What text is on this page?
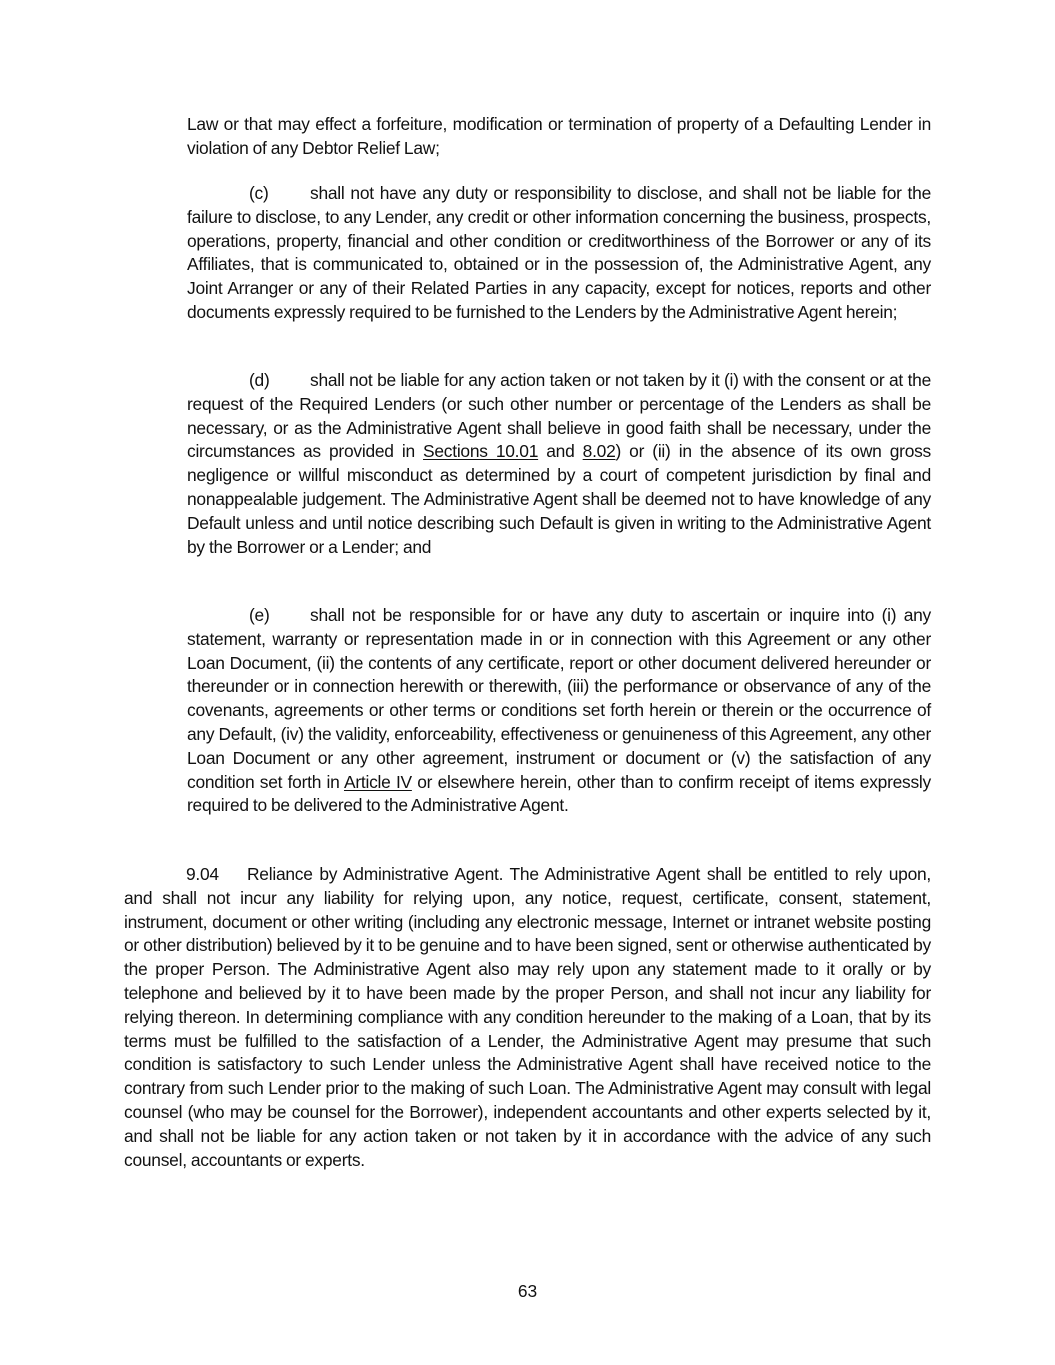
Law or that may effect a forfeiture, modification or termination of property of a Defaulting Lender in violation of any Debtor Relief Law;

(c) shall not have any duty or responsibility to disclose, and shall not be liable for the failure to disclose, to any Lender, any credit or other information concerning the business, prospects, operations, property, financial and other condition or creditworthiness of the Borrower or any of its Affiliates, that is communicated to, obtained or in the possession of, the Administrative Agent, any Joint Arranger or any of their Related Parties in any capacity, except for notices, reports and other documents expressly required to be furnished to the Lenders by the Administrative Agent herein;

(d) shall not be liable for any action taken or not taken by it (i) with the consent or at the request of the Required Lenders (or such other number or percentage of the Lenders as shall be necessary, or as the Administrative Agent shall believe in good faith shall be necessary, under the circumstances as provided in Sections 10.01 and 8.02) or (ii) in the absence of its own gross negligence or willful misconduct as determined by a court of competent jurisdiction by final and nonappealable judgement. The Administrative Agent shall be deemed not to have knowledge of any Default unless and until notice describing such Default is given in writing to the Administrative Agent by the Borrower or a Lender; and

(e) shall not be responsible for or have any duty to ascertain or inquire into (i) any statement, warranty or representation made in or in connection with this Agreement or any other Loan Document, (ii) the contents of any certificate, report or other document delivered hereunder or thereunder or in connection herewith or therewith, (iii) the performance or observance of any of the covenants, agreements or other terms or conditions set forth herein or therein or the occurrence of any Default, (iv) the validity, enforceability, effectiveness or genuineness of this Agreement, any other Loan Document or any other agreement, instrument or document or (v) the satisfaction of any condition set forth in Article IV or elsewhere herein, other than to confirm receipt of items expressly required to be delivered to the Administrative Agent.

9.04 Reliance by Administrative Agent. The Administrative Agent shall be entitled to rely upon, and shall not incur any liability for relying upon, any notice, request, certificate, consent, statement, instrument, document or other writing (including any electronic message, Internet or intranet website posting or other distribution) believed by it to be genuine and to have been signed, sent or otherwise authenticated by the proper Person. The Administrative Agent also may rely upon any statement made to it orally or by telephone and believed by it to have been made by the proper Person, and shall not incur any liability for relying thereon. In determining compliance with any condition hereunder to the making of a Loan, that by its terms must be fulfilled to the satisfaction of a Lender, the Administrative Agent may presume that such condition is satisfactory to such Lender unless the Administrative Agent shall have received notice to the contrary from such Lender prior to the making of such Loan. The Administrative Agent may consult with legal counsel (who may be counsel for the Borrower), independent accountants and other experts selected by it, and shall not be liable for any action taken or not taken by it in accordance with the advice of any such counsel, accountants or experts.

63
